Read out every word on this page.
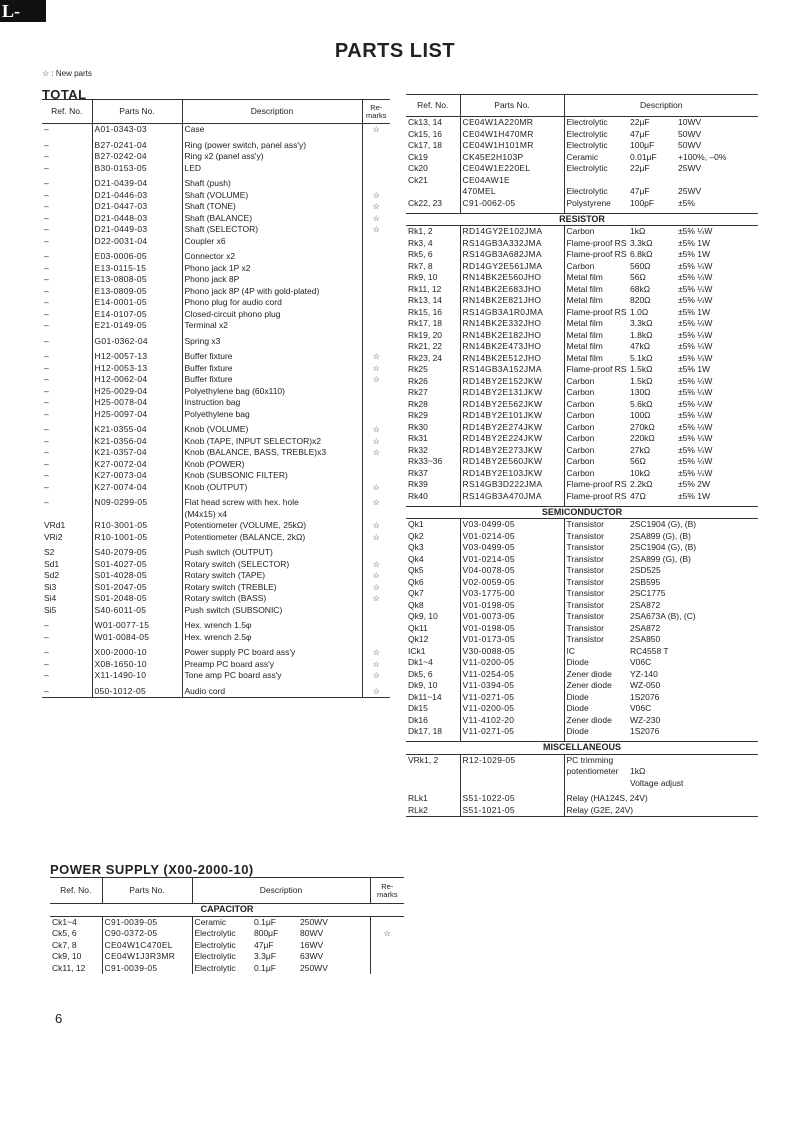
L-07CII
PARTS LIST
☆ : New parts
TOTAL
Ref. No.	Parts No.	Description	Re-
marks
–	A01-0343-03	Case	☆

–	B27-0241-04	Ring (power switch, panel ass'y)	
–	B27-0242-04	Ring x2 (panel ass'y)	
–	B30-0153-05	LED	

–	D21-0439-04	Shaft (push)	
–	D21-0446-03	Shaft (VOLUME)	☆
–	D21-0447-03	Shaft (TONE)	☆
–	D21-0448-03	Shaft (BALANCE)	☆
–	D21-0449-03	Shaft (SELECTOR)	☆
–	D22-0031-04	Coupler x6	

–	E03-0006-05	Connector x2	
–	E13-0115-15	Phono jack 1P x2	
–	E13-0808-05	Phono jack 8P	
–	E13-0809-05	Phono jack 8P (4P with gold-plated)	
–	E14-0001-05	Phono plug for audio cord	
–	E14-0107-05	Closed-circuit phono plug	
–	E21-0149-05	Terminal x2	

–	G01-0362-04	Spring x3	

–	H12-0057-13	Buffer fixture	☆
–	H12-0053-13	Buffer fixture	☆
–	H12-0062-04	Buffer fixture	☆
–	H25-0029-04	Polyethylene bag (60x110)	
–	H25-0078-04	Instruction bag	
–	H25-0097-04	Polyethylene bag	

–	K21-0355-04	Knob (VOLUME)	☆
–	K21-0356-04	Knob (TAPE, INPUT SELECTOR)x2	☆
–	K21-0357-04	Knob (BALANCE, BASS, TREBLE)x3	☆
–	K27-0072-04	Knob (POWER)	
–	K27-0073-04	Knob (SUBSONIC FILTER)	
–	K27-0074-04	Knob (OUTPUT)	☆

–	N09-0299-05	Flat head screw with hex. hole	☆
		(M4x15) x4	
VRd1	R10-3001-05	Potentiometer (VOLUME, 25kΩ)	☆
VRi2	R10-1001-05	Potentiometer (BALANCE, 2kΩ)	☆

S2	S40-2079-05	Push switch (OUTPUT)	
Sd1	S01-4027-05	Rotary switch (SELECTOR)	☆
Sd2	S01-4028-05	Rotary switch (TAPE)	☆
Si3	S01-2047-05	Rotary switch (TREBLE)	☆
Si4	S01-2048-05	Rotary switch (BASS)	☆
Si5	S40-6011-05	Push switch (SUBSONIC)	

–	W01-0077-15	Hex. wrench 1.5φ	
–	W01-0084-05	Hex. wrench 2.5φ	

–	X00-2000-10	Power supply PC board ass'y	☆
–	X08-1650-10	Preamp PC board ass'y	☆
–	X11-1490-10	Tone amp PC board ass'y	☆

–	050-1012-05	Audio cord	☆

POWER SUPPLY (X00-2000-10)
Ref. No.	Parts No.	Description			Re-
marks
CAPACITOR					
Ck1~4	C91-0039-05	Ceramic	0.1μF	250WV	
Ck5, 6	C90-0372-05	Electrolytic	800μF	80WV	☆
Ck7, 8	CE04W1C470EL	Electrolytic	47μF	16WV	
Ck9, 10	CE04W1J3R3MR	Electrolytic	3.3μF	63WV	
Ck11, 12	C91-0039-05	Electrolytic	0.1μF	250WV	
Ref. No.	Parts No.	Description		
Ck13, 14	CE04W1A220MR	Electrolytic	22μF	10WV
Ck15, 16	CE04W1H470MR	Electrolytic	47μF	50WV
Ck17, 18	CE04W1H101MR	Electrolytic	100μF	50WV
Ck19	CK45E2H103P	Ceramic	0.01μF	+100%, –0%
Ck20	CE04W1E220EL	Electrolytic	22μF	25WV
Ck21	CE04AW1E			
	470MEL	Electrolytic	47μF	25WV
Ck22, 23	C91-0062-05	Polystyrene	100pF	±5%

RESISTOR				
Rk1, 2	RD14GY2E102JMA	Carbon	1kΩ	±5% ¼W
Rk3, 4	RS14GB3A332JMA	Flame-proof RS	3.3kΩ	±5% 1W
Rk5, 6	RS14GB3A682JMA	Flame-proof RS	6.8kΩ	±5% 1W
Rk7, 8	RD14GY2E561JMA	Carbon	560Ω	±5% ¼W
Rk9, 10	RN14BK2E560JHO	Metal film	56Ω	±5% ¼W
Rk11, 12	RN14BK2E683JHO	Metal film	68kΩ	±5% ¼W
Rk13, 14	RN14BK2E821JHO	Metal film	820Ω	±5% ¼W
Rk15, 16	RS14GB3A1R0JMA	Flame-proof RS	1.0Ω	±5% 1W
Rk17, 18	RN14BK2E332JHO	Metal film	3.3kΩ	±5% ¼W
Rk19, 20	RN14BK2E182JHO	Metal film	1.8kΩ	±5% ¼W
Rk21, 22	RN14BK2E473JHO	Metal film	47kΩ	±5% ¼W
Rk23, 24	RN14BK2E512JHO	Metal film	5.1kΩ	±5% ¼W
Rk25	RS14GB3A152JMA	Flame-proof RS	1.5kΩ	±5% 1W
Rk26	RD14BY2E152JKW	Carbon	1.5kΩ	±5% ¼W
Rk27	RD14BY2E131JKW	Carbon	130Ω	±5% ¼W
Rk28	RD14BY2E562JKW	Carbon	5.6kΩ	±5% ¼W
Rk29	RD14BY2E101JKW	Carbon	100Ω	±5% ¼W
Rk30	RD14BY2E274JKW	Carbon	270kΩ	±5% ¼W
Rk31	RD14BY2E224JKW	Carbon	220kΩ	±5% ¼W
Rk32	RD14BY2E273JKW	Carbon	27kΩ	±5% ¼W
Rk33~36	RD14BY2E560JKW	Carbon	56Ω	±5% ¼W
Rk37	RD14BY2E103JKW	Carbon	10kΩ	±5% ¼W
Rk39	RS14GB3D222JMA	Flame-proof RS	2.2kΩ	±5% 2W
Rk40	RS14GB3A470JMA	Flame-proof RS	47Ω	±5% 1W

SEMICONDUCTOR				
Qk1	V03-0499-05	Transistor	2SC1904 (G), (B)	
Qk2	V01-0214-05	Transistor	2SA899 (G), (B)	
Qk3	V03-0499-05	Transistor	2SC1904 (G), (B)	
Qk4	V01-0214-05	Transistor	2SA899 (G), (B)	
Qk5	V04-0078-05	Transistor	2SD525	
Qk6	V02-0059-05	Transistor	2SB595	
Qk7	V03-1775-00	Transistor	2SC1775	
Qk8	V01-0198-05	Transistor	2SA872	
Qk9, 10	V01-0073-05	Transistor	2SA673A (B), (C)	
Qk11	V01-0198-05	Transistor	2SA872	
Qk12	V01-0173-05	Transistor	2SA850	
ICk1	V30-0088-05	IC	RC4558 T	
Dk1~4	V11-0200-05	Diode	V06C	
Dk5, 6	V11-0254-05	Zener diode	YZ-140	
Dk9, 10	V11-0394-05	Zener diode	WZ-050	
Dk11~14	V11-0271-05	Diode	1S2076	
Dk15	V11-0200-05	Diode	V06C	
Dk16	V11-4102-20	Zener diode	WZ-230	
Dk17, 18	V11-0271-05	Diode	1S2076	

MISCELLANEOUS				
VRk1, 2	R12-1029-05	PC trimming		
		potentiometer	1kΩ	
			Voltage adjust	

RLk1	S51-1022-05	Relay (HA124S, 24V)		
RLk2	S51-1021-05	Relay (G2E, 24V)		

6
